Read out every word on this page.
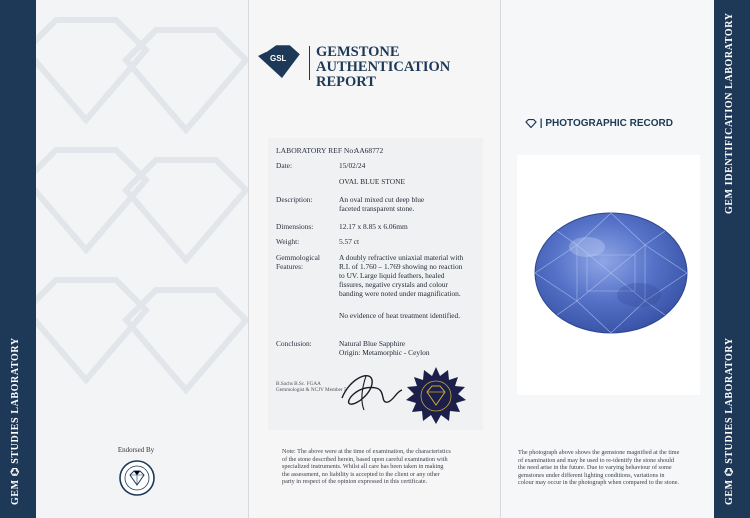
GEM ⌬ STUDIES LABORATORY	Endorsed By
GSL GEMSTONE AUTHENTICATION
REPORT
LABORATORY REF No:
AA68772
Date:	15/02/24
OVAL BLUE STONE
Description:	An oval mixed cut deep blue
faceted transparent stone.
Dimensions:	12.17 x 8.85 x 6.06mm
Weight:	5.57 ct
Gemmological
Features:
A doubly refractive uniaxial material with
R.I. of 1.760 – 1.769 showing no reaction
to UV. Large liquid feathers, healed
fissures, negative crystals and colour
banding were noted under magnification.
No evidence of heat treatment identified.
Conclusion:	Natural Blue Sapphire
Origin: Metamorphic - Ceylon
B.Sachs B.Sc. FGAA
Gemmologist & NCJV Member 5
Note: The above were at the time of examination, the characteristics
of the stone described herein, based upon careful examination with
specialized instruments. Whilst all care has been taken in making
the assessment, no liability is accepted to the client or any other
party in respect of the opinion expressed in this certificate.
| PHOTOGRAPHIC RECORD
The photograph above shows the gemstone magnified at the time
of examination and may be used to re-identify the stone should
the need arise in the future. Due to varying behaviour of some
gemstones under different lighting conditions, variations in
colour may occur in the photograph when compared to the stone.
GEM IDENTIFICATION LABORATORY
GEM ⌬ STUDIES LABORATORY
